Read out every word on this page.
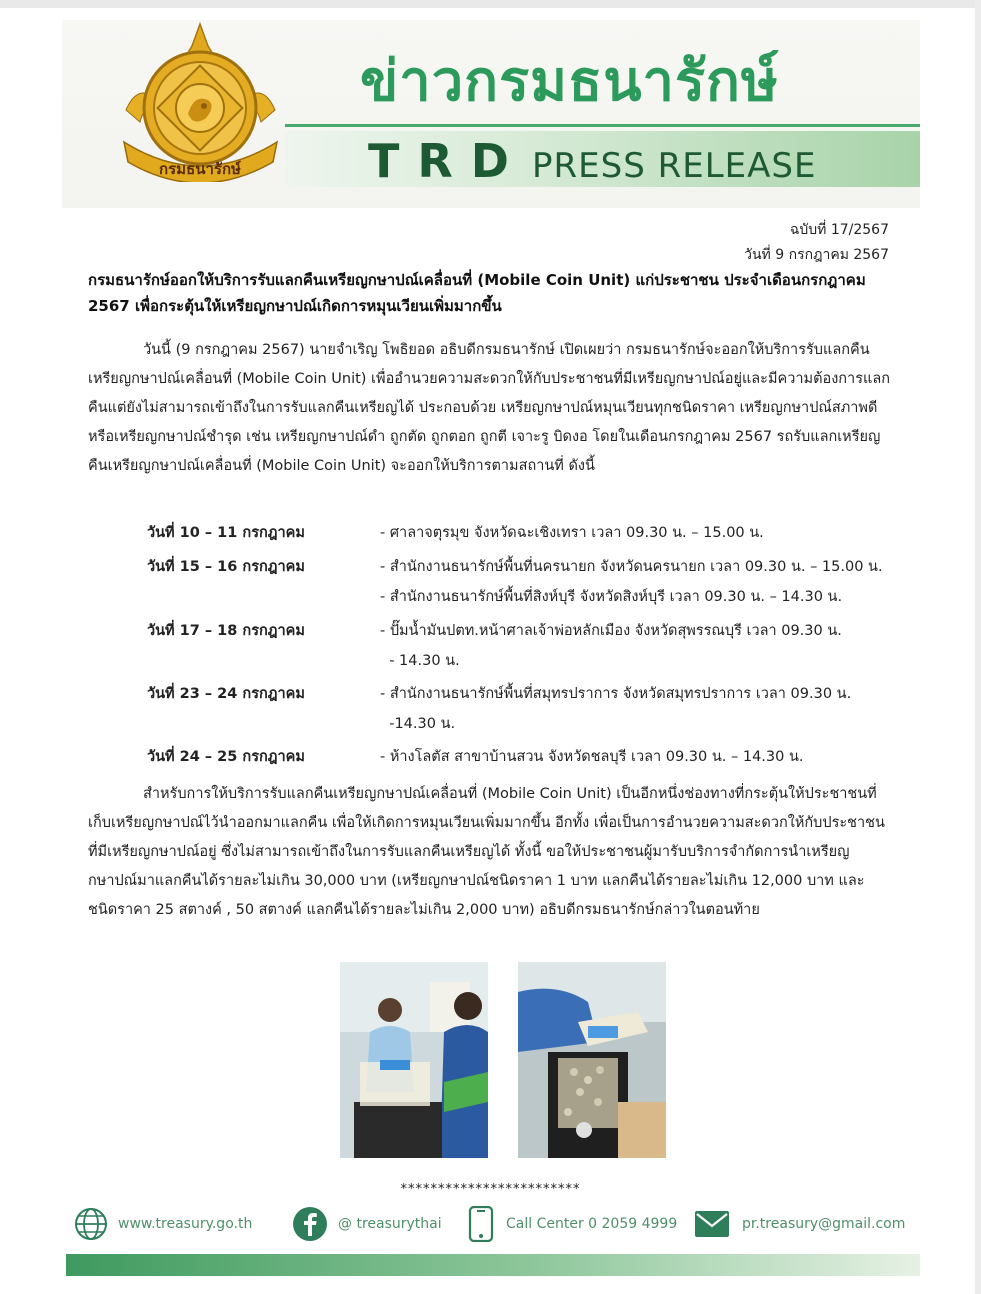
กรมธนารักษ์
ข่าวกรมธนารักษ์
TRD PRESS RELEASE
ฉบับที่ 17/2567
วันที่ 9 กรกฎาคม 2567
กรมธนารักษ์ออกให้บริการรับแลกคืนเหรียญกษาปณ์เคลื่อนที่ (Mobile Coin Unit) แก่ประชาชน ประจำเดือนกรกฎาคม 2567 เพื่อกระตุ้นให้เหรียญกษาปณ์เกิดการหมุนเวียนเพิ่มมากขึ้น
วันนี้ (9 กรกฎาคม 2567) นายจำเริญ โพธิยอด อธิบดีกรมธนารักษ์ เปิดเผยว่า กรมธนารักษ์จะออกให้บริการรับแลกคืนเหรียญกษาปณ์เคลื่อนที่ (Mobile Coin Unit) เพื่ออำนวยความสะดวกให้กับประชาชนที่มีเหรียญกษาปณ์อยู่และมีความต้องการแลกคืนแต่ยังไม่สามารถเข้าถึงในการรับแลกคืนเหรียญได้ ประกอบด้วย เหรียญกษาปณ์หมุนเวียนทุกชนิดราคา เหรียญกษาปณ์สภาพดี หรือเหรียญกษาปณ์ชำรุด เช่น เหรียญกษาปณ์ดำ ถูกตัด ถูกตอก ถูกตี เจาะรู บิดงอ โดยในเดือนกรกฎาคม 2567 รถรับแลกเหรียญคืนเหรียญกษาปณ์เคลื่อนที่ (Mobile Coin Unit) จะออกให้บริการตามสถานที่ ดังนี้
วันที่ 10 – 11 กรกฎาคม	- ศาลาจตุรมุข จังหวัดฉะเชิงเทรา เวลา 09.30 น. – 15.00 น.
วันที่ 15 – 16 กรกฎาคม	- สำนักงานธนารักษ์พื้นที่นครนายก จังหวัดนครนายก เวลา 09.30 น. – 15.00 น.
- สำนักงานธนารักษ์พื้นที่สิงห์บุรี จังหวัดสิงห์บุรี เวลา 09.30 น. – 14.30 น.
วันที่ 17 – 18 กรกฎาคม	- ปั๊มน้ำมันปตท.หน้าศาลเจ้าพ่อหลักเมือง จังหวัดสุพรรณบุรี เวลา 09.30 น.
- 14.30 น.
วันที่ 23 – 24 กรกฎาคม	- สำนักงานธนารักษ์พื้นที่สมุทรปราการ จังหวัดสมุทรปราการ เวลา 09.30 น.
-14.30 น.
วันที่ 24 – 25 กรกฎาคม	- ห้างโลตัส สาขาบ้านสวน จังหวัดชลบุรี เวลา 09.30 น. – 14.30 น.
สำหรับการให้บริการรับแลกคืนเหรียญกษาปณ์เคลื่อนที่ (Mobile Coin Unit) เป็นอีกหนึ่งช่องทางที่กระตุ้นให้ประชาชนที่เก็บเหรียญกษาปณ์ไว้นำออกมาแลกคืน เพื่อให้เกิดการหมุนเวียนเพิ่มมากขึ้น อีกทั้ง เพื่อเป็นการอำนวยความสะดวกให้กับประชาชนที่มีเหรียญกษาปณ์อยู่ ซึ่งไม่สามารถเข้าถึงในการรับแลกคืนเหรียญได้ ทั้งนี้ ขอให้ประชาชนผู้มารับบริการจำกัดการนำเหรียญกษาปณ์มาแลกคืนได้รายละไม่เกิน 30,000 บาท (เหรียญกษาปณ์ชนิดราคา 1 บาท แลกคืนได้รายละไม่เกิน 12,000 บาท และชนิดราคา 25 สตางค์ , 50 สตางค์ แลกคืนได้รายละไม่เกิน 2,000 บาท) อธิบดีกรมธนารักษ์กล่าวในตอนท้าย
************************
www.treasury.go.th	@ treasurythai	Call Center 0 2059 4999	pr.treasury@gmail.com
